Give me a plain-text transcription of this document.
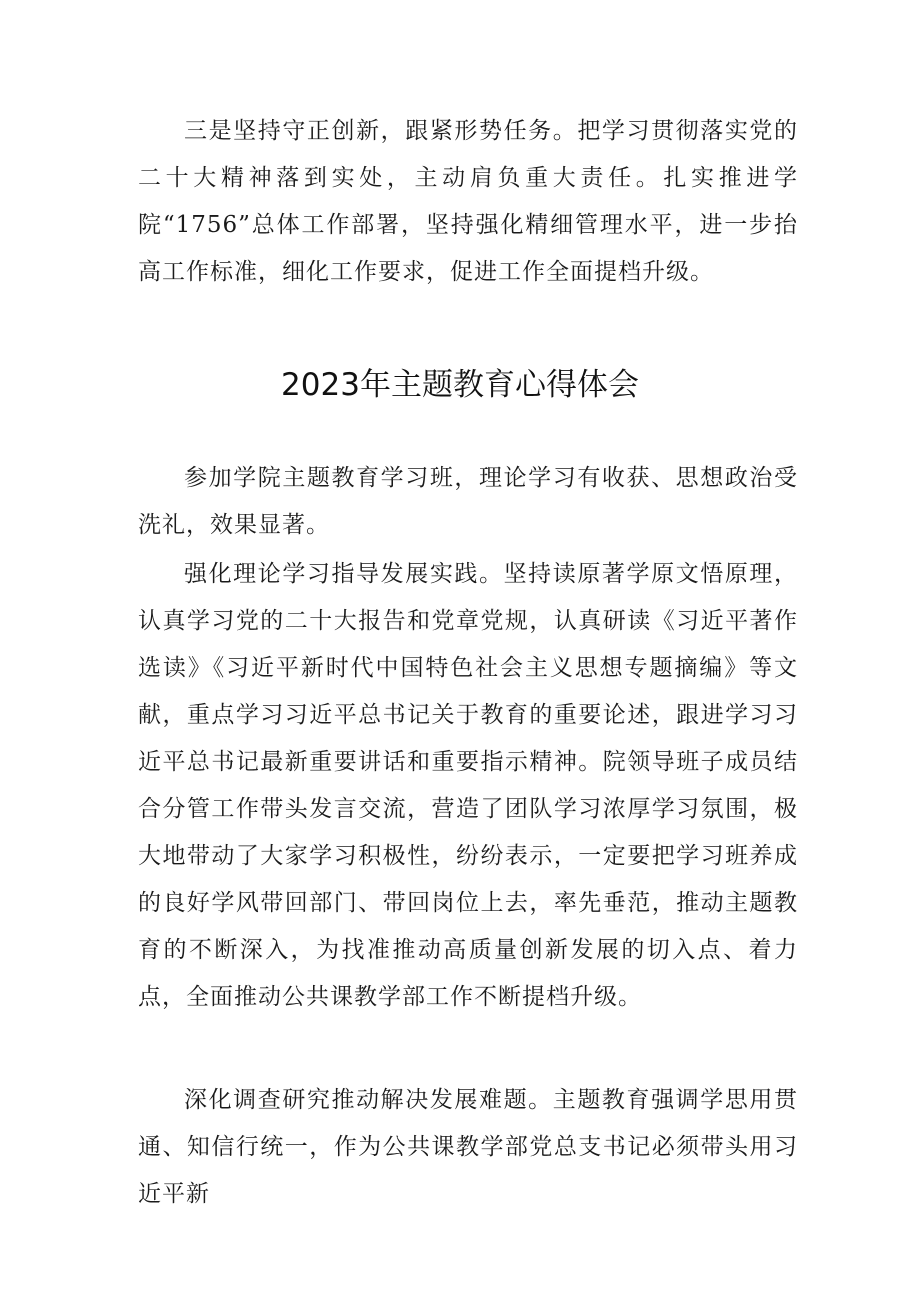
三是坚持守正创新，跟紧形势任务。把学习贯彻落实党的二十大精神落到实处，主动肩负重大责任。扎实推进学院“1756”总体工作部署，坚持强化精细管理水平，进一步抬高工作标准，细化工作要求，促进工作全面提档升级。

2023年主题教育心得体会

参加学院主题教育学习班，理论学习有收获、思想政治受洗礼，效果显著。

强化理论学习指导发展实践。坚持读原著学原文悟原理，认真学习党的二十大报告和党章党规，认真研读《习近平著作选读》《习近平新时代中国特色社会主义思想专题摘编》等文献，重点学习习近平总书记关于教育的重要论述，跟进学习习近平总书记最新重要讲话和重要指示精神。院领导班子成员结合分管工作带头发言交流，营造了团队学习浓厚学习氛围，极大地带动了大家学习积极性，纷纷表示，一定要把学习班养成的良好学风带回部门、带回岗位上去，率先垂范，推动主题教育的不断深入，为找准推动高质量创新发展的切入点、着力点，全面推动公共课教学部工作不断提档升级。

深化调查研究推动解决发展难题。主题教育强调学思用贯通、知信行统一，作为公共课教学部党总支书记必须带头用习近平新
